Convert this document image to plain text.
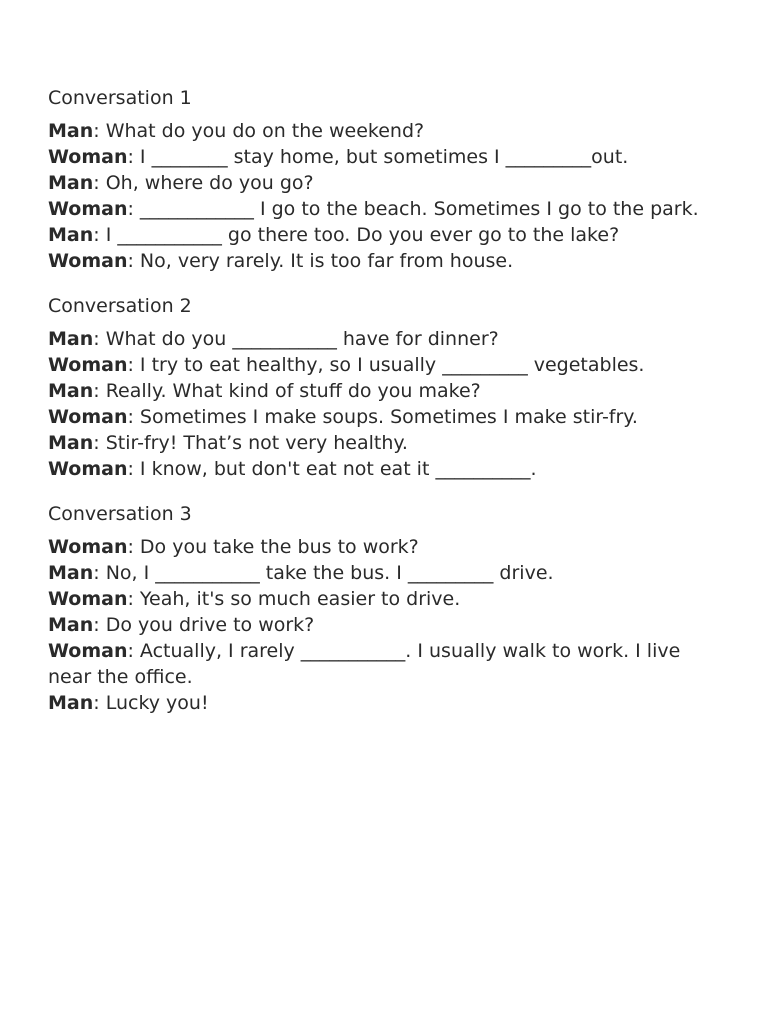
Conversation 1

Man: What do you do on the weekend?

Woman: I ________ stay home, but sometimes I _________out.

Man: Oh, where do you go?

Woman: ____________ I go to the beach. Sometimes I go to the park.

Man: I ___________ go there too. Do you ever go to the lake?

Woman: No, very rarely. It is too far from house.

Conversation 2

Man: What do you ___________ have for dinner?

Woman: I try to eat healthy, so I usually _________ vegetables.

Man: Really. What kind of stuff do you make?

Woman: Sometimes I make soups. Sometimes I make stir-fry.

Man: Stir-fry! That’s not very healthy.

Woman: I know, but don't eat not eat it __________.

Conversation 3

Woman: Do you take the bus to work?

Man: No, I ___________ take the bus. I _________ drive.

Woman: Yeah, it's so much easier to drive.

Man: Do you drive to work?

Woman: Actually, I rarely ___________. I usually walk to work. I live near the office.

Man: Lucky you!
